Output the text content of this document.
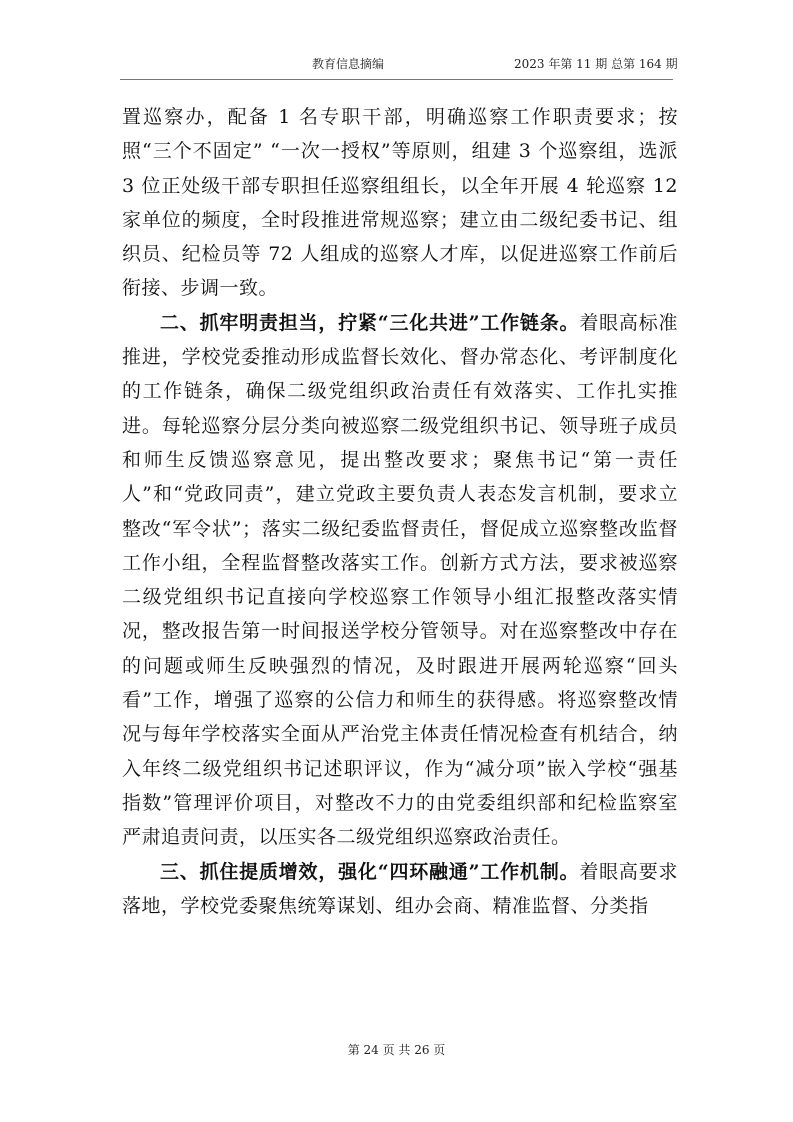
教育信息摘编	2023 年第 11 期 总第 164 期

置巡察办，配备 1 名专职干部，明确巡察工作职责要求；按照“三个不固定” “一次一授权”等原则，组建 3 个巡察组，选派 3 位正处级干部专职担任巡察组组长，以全年开展 4 轮巡察 12 家单位的频度，全时段推进常规巡察；建立由二级纪委书记、组织员、纪检员等 72 人组成的巡察人才库，以促进巡察工作前后衔接、步调一致。

二、抓牢明责担当，拧紧“三化共进”工作链条。着眼高标准推进，学校党委推动形成监督长效化、督办常态化、考评制度化的工作链条，确保二级党组织政治责任有效落实、工作扎实推进。每轮巡察分层分类向被巡察二级党组织书记、领导班子成员和师生反馈巡察意见，提出整改要求；聚焦书记“第一责任人”和“党政同责”，建立党政主要负责人表态发言机制，要求立整改“军令状”；落实二级纪委监督责任，督促成立巡察整改监督工作小组，全程监督整改落实工作。创新方式方法，要求被巡察二级党组织书记直接向学校巡察工作领导小组汇报整改落实情况，整改报告第一时间报送学校分管领导。对在巡察整改中存在的问题或师生反映强烈的情况，及时跟进开展两轮巡察“回头看”工作，增强了巡察的公信力和师生的获得感。将巡察整改情况与每年学校落实全面从严治党主体责任情况检查有机结合，纳入年终二级党组织书记述职评议，作为“减分项”嵌入学校“强基指数”管理评价项目，对整改不力的由党委组织部和纪检监察室严肃追责问责，以压实各二级党组织巡察政治责任。

三、抓住提质增效，强化“四环融通”工作机制。着眼高要求落地，学校党委聚焦统筹谋划、组办会商、精准监督、分类指

第 24 页 共 26 页
